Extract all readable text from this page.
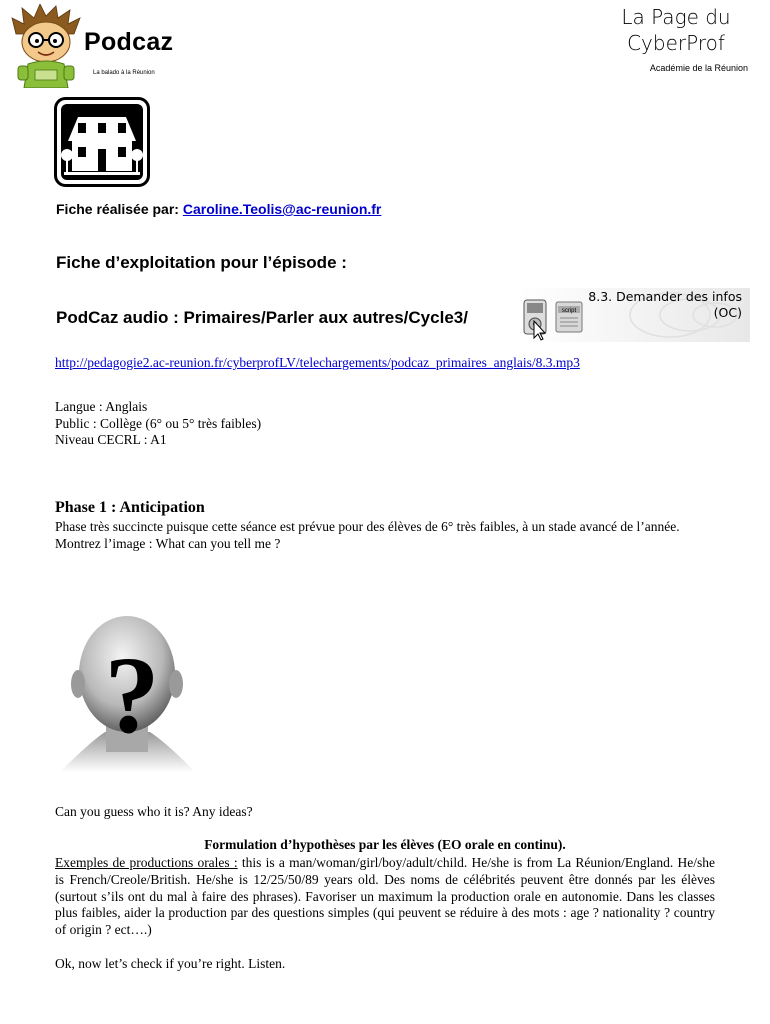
Podcaz
La balado à la Réunion
La Page du
CyberProf
Académie de la Réunion
Fiche réalisée par: Caroline.Teolis@ac-reunion.fr
Fiche d’exploitation pour l’épisode :
PodCaz audio : Primaires/Parler aux autres/Cycle3/	script
8.3. Demander des infos
(OC)
http://pedagogie2.ac-reunion.fr/cyberprofLV/telechargements/podcaz_primaires_anglais/8.3.mp3
Langue : Anglais
Public : Collège (6° ou 5° très faibles)
Niveau CECRL : A1
Phase 1 : Anticipation
Phase très succincte puisque cette séance est prévue pour des élèves de 6° très faibles, à un stade avancé de l’année.
Montrez l’image : What can you tell me ?
?
Can you guess who it is? Any ideas?
Formulation d’hypothèses par les élèves (EO orale en continu).
Exemples de productions orales : this is a man/woman/girl/boy/adult/child. He/she is from La Réunion/England. He/she is French/Creole/British. He/she is 12/25/50/89 years old. Des noms de célébrités peuvent être donnés par les élèves (surtout s’ils ont du mal à faire des phrases). Favoriser un maximum la production orale en autonomie. Dans les classes plus faibles, aider la production par des questions simples (qui peuvent se réduire à des mots : age ? nationality ? country of origin ? ect….)
Ok, now let’s check if you’re right. Listen.
